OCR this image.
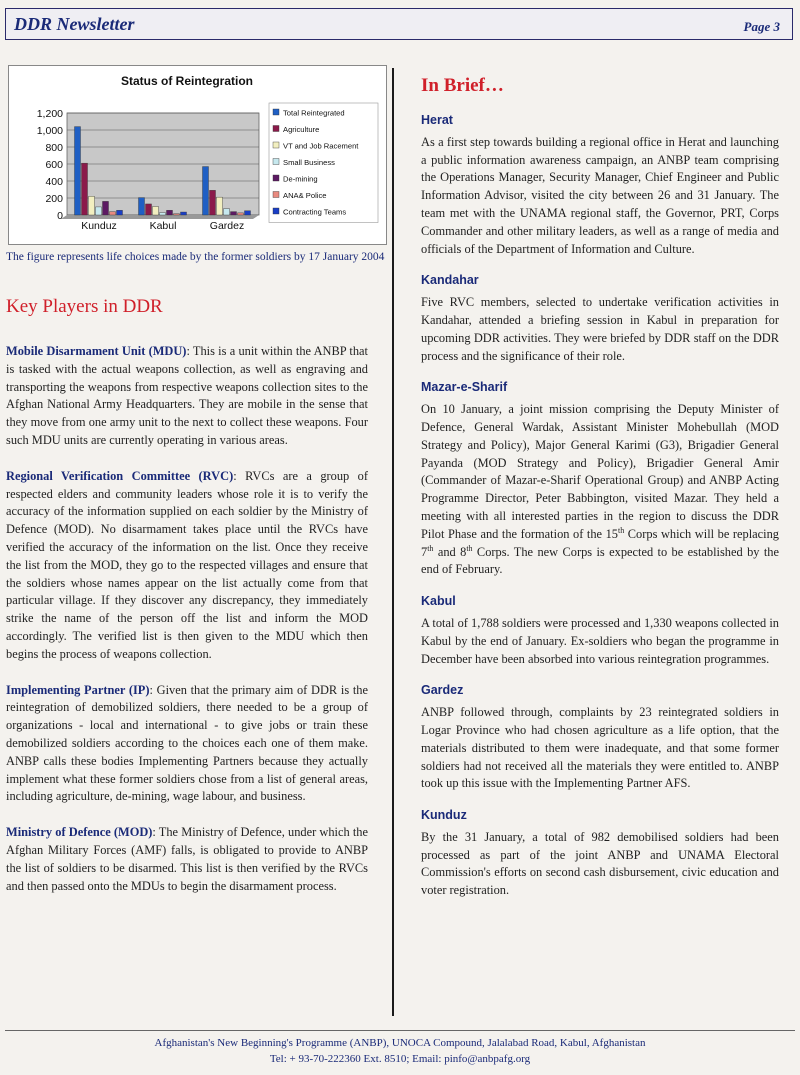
DDR Newsletter	Page 3
Status of Reintegration
0
200
400
600
800
1,000
1,200
Kunduz	Kabul	Gardez
Total Reintegrated
Agriculture
VT and Job Racement
Small Business
De-mining
ANA& Police
Contracting Teams
The figure represents life choices made by the former soldiers by 17 January 2004
Key Players in DDR

Mobile Disarmament Unit (MDU): This is a unit within the ANBP that is tasked with the actual weapons collection, as well as engraving and transporting the weapons from respective weapons collection sites to the Afghan National Army Headquarters. They are mobile in the sense that they move from one army unit to the next to collect these weapons. Four such MDU units are currently operating in various areas.

Regional Verification Committee (RVC): RVCs are a group of respected elders and community leaders whose role it is to verify the accuracy of the information supplied on each soldier by the Ministry of Defence (MOD). No disarmament takes place until the RVCs have verified the accuracy of the information on the list. Once they receive the list from the MOD, they go to the respected villages and ensure that the soldiers whose names appear on the list actually come from that particular village. If they discover any discrepancy, they immediately strike the name of the person off the list and inform the MOD accordingly. The verified list is then given to the MDU which then begins the process of weapons collection.

Implementing Partner (IP): Given that the primary aim of DDR is the reintegration of demobilized soldiers, there needed to be a group of organizations - local and international - to give jobs or train these demobilized soldiers according to the choices each one of them make. ANBP calls these bodies Implementing Partners because they actually implement what these former soldiers chose from a list of general areas, including agriculture, de-mining, wage labour, and business.

Ministry of Defence (MOD): The Ministry of Defence, under which the Afghan Military Forces (AMF) falls, is obligated to provide to ANBP the list of soldiers to be disarmed. This list is then verified by the RVCs and then passed onto the MDUs to begin the disarmament process.

In Brief…
Herat

As a first step towards building a regional office in Herat and launching a public information awareness campaign, an ANBP team comprising the Operations Manager, Security Manager, Chief Engineer and Public Information Advisor, visited the city between 26 and 31 January. The team met with the UNAMA regional staff, the Governor, PRT, Corps Commander and other military leaders, as well as a range of media and officials of the Department of Information and Culture.

Kandahar

Five RVC members, selected to undertake verification activities in Kandahar, attended a briefing session in Kabul in preparation for upcoming DDR activities. They were briefed by DDR staff on the DDR process and the significance of their role.

Mazar-e-Sharif

On 10 January, a joint mission comprising the Deputy Minister of Defence, General Wardak, Assistant Minister Mohebullah (MOD Strategy and Policy), Major General Karimi (G3), Brigadier General Payanda (MOD Strategy and Policy), Brigadier General Amir (Commander of Mazar-e-Sharif Operational Group) and ANBP Acting Programme Director, Peter Babbington, visited Mazar. They held a meeting with all interested parties in the region to discuss the DDR Pilot Phase and the formation of the 15th Corps which will be replacing 7th and 8th Corps. The new Corps is expected to be established by the end of February.

Kabul

A total of 1,788 soldiers were processed and 1,330 weapons collected in Kabul by the end of January. Ex-soldiers who began the programme in December have been absorbed into various reintegration programmes.

Gardez

ANBP followed through, complaints by 23 reintegrated soldiers in Logar Province who had chosen agriculture as a life option, that the materials distributed to them were inadequate, and that some former soldiers had not received all the materials they were entitled to. ANBP took up this issue with the Implementing Partner AFS.

Kunduz

By the 31 January, a total of 982 demobilised soldiers had been processed as part of the joint ANBP and UNAMA Electoral Commission's efforts on second cash disbursement, civic education and voter registration.

Afghanistan's New Beginning's Programme (ANBP), UNOCA Compound, Jalalabad Road, Kabul, Afghanistan
Tel: + 93-70-222360 Ext. 8510; Email: pinfo@anbpafg.org
